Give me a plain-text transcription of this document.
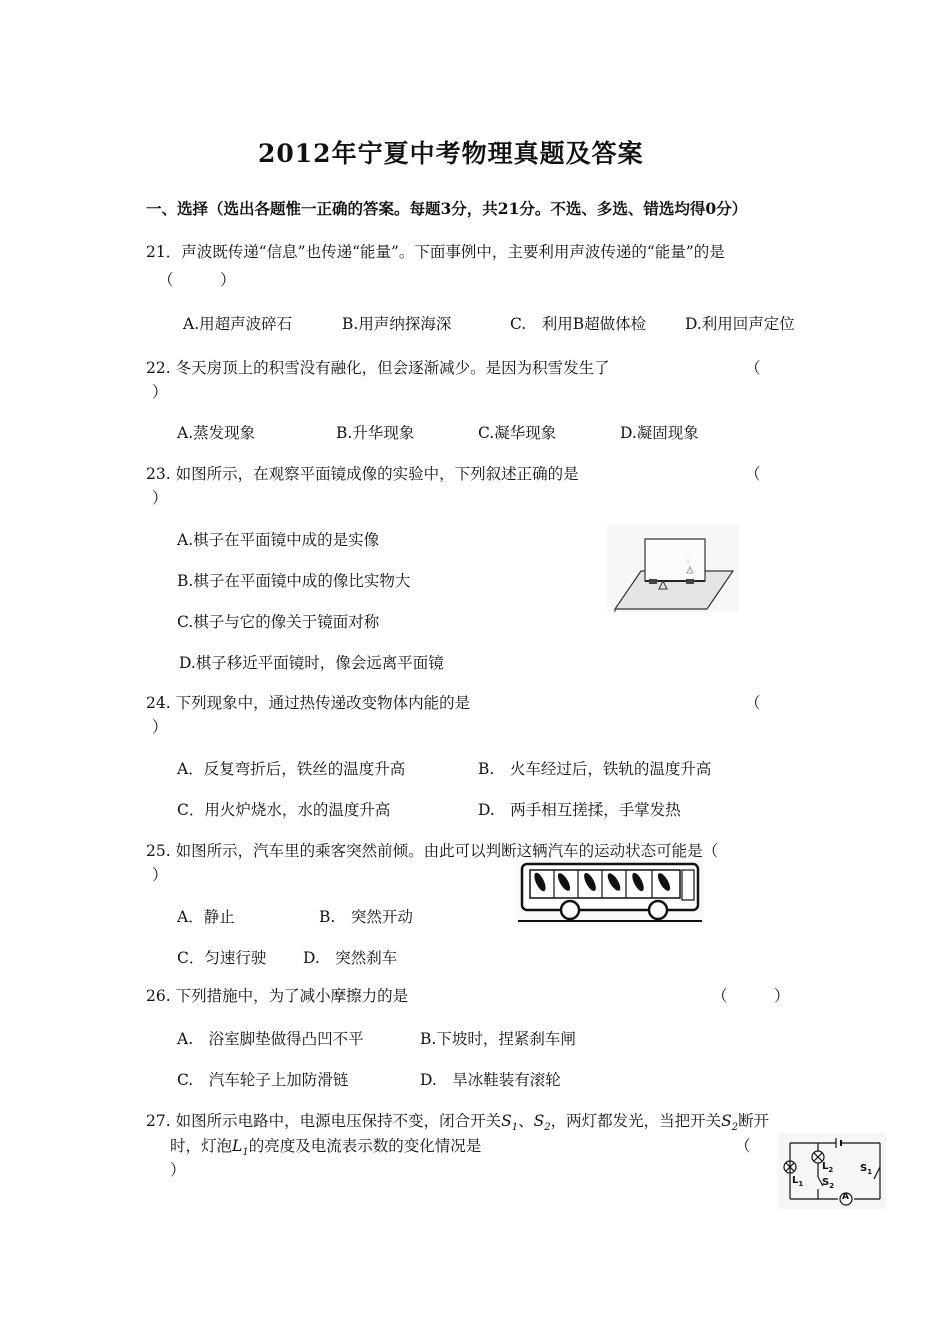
2012年宁夏中考物理真题及答案
一、选择（选出各题惟一正确的答案。每题3分，共21分。不选、多选、错选均得0分）
21．声波既传递“信息”也传递“能量”。下面事例中，主要利用声波传递的“能量”的是
（　　　）
A.用超声波碎石	B.用声纳探海深	C.　利用B超做体检	D.利用回声定位
22. 冬天房顶上的积雪没有融化，但会逐渐减少。是因为积雪发生了	（
）
A.蒸发现象	B.升华现象	C.凝华现象	D.凝固现象
23. 如图所示，在观察平面镜成像的实验中，下列叙述正确的是	（
）
A.棋子在平面镜中成的是实像
B.棋子在平面镜中成的像比实物大
C.棋子与它的像关于镜面对称
D.棋子移近平面镜时，像会远离平面镜
:
24. 下列现象中，通过热传递改变物体内能的是	（
）
A．反复弯折后，铁丝的温度升高	B.　火车经过后，铁轨的温度升高
C．用火炉烧水，水的温度升高	D.　两手相互搓揉，手掌发热
25. 如图所示，汽车里的乘客突然前倾。由此可以判断这辆汽车的运动状态可能是（
）
A．静止	B.　突然开动
C．匀速行驶 D.　突然刹车
26. 下列措施中，为了减小摩擦力的是	（　　　）
A.　浴室脚垫做得凸凹不平	B.下坡时，捏紧刹车闸
C.　汽车轮子上加防滑链	D.　旱冰鞋装有滚轮
27. 如图所示电路中，电源电压保持不变，闭合开关$S_1$、$S_2$，两灯都发光，当把开关$S_2$断开
时，灯泡$L_1$的亮度及电流表示数的变化情况是	（
）
$L_1$
$L_2$
$S_2$
$S_1$
A
